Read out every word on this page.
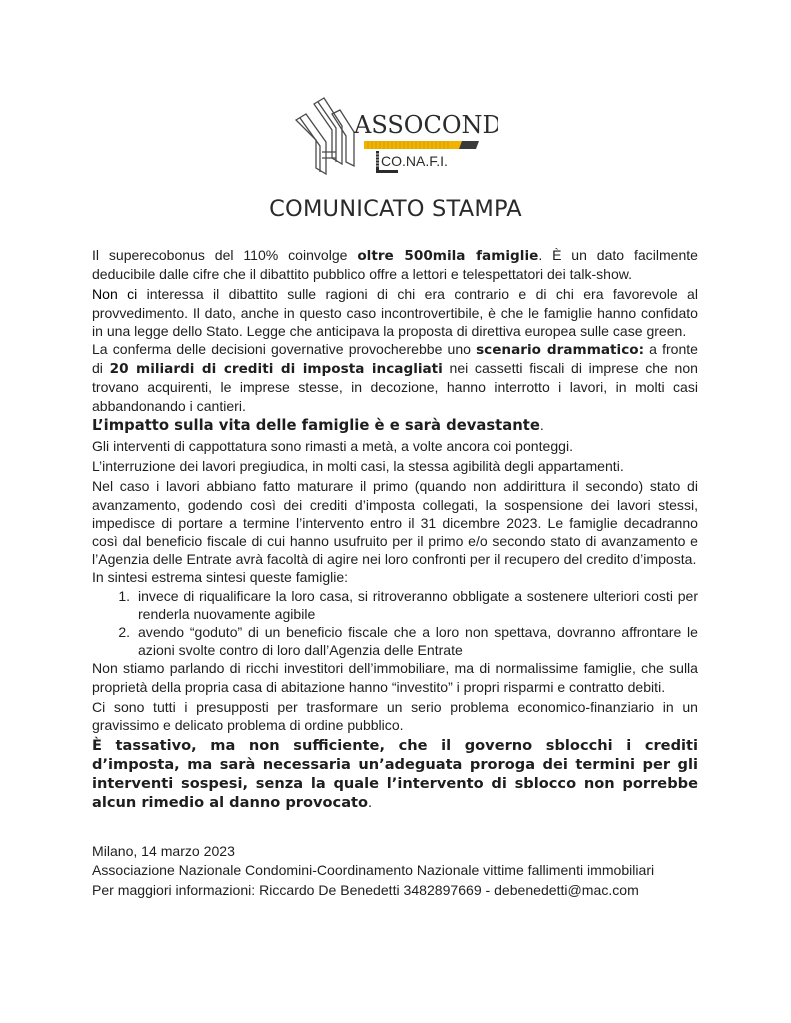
ASSOCOND
CO.NA.F.I.
COMUNICATO STAMPA

Il superecobonus del 110% coinvolge oltre 500mila famiglie. È un dato facilmente deducibile dalle cifre che il dibattito pubblico offre a lettori e telespettatori dei talk-show.

Non ci interessa il dibattito sulle ragioni di chi era contrario e di chi era favorevole al provvedimento. Il dato, anche in questo caso incontrovertibile, è che le famiglie hanno confidato in una legge dello Stato. Legge che anticipava la proposta di direttiva europea sulle case green.

La conferma delle decisioni governative provocherebbe uno scenario drammatico: a fronte di 20 miliardi di crediti di imposta incagliati nei cassetti fiscali di imprese che non trovano acquirenti, le imprese stesse, in decozione, hanno interrotto i lavori, in molti casi abbandonando i cantieri.

L’impatto sulla vita delle famiglie è e sarà devastante.

Gli interventi di cappottatura sono rimasti a metà, a volte ancora coi ponteggi.

L’interruzione dei lavori pregiudica, in molti casi, la stessa agibilità degli appartamenti.

Nel caso i lavori abbiano fatto maturare il primo (quando non addirittura il secondo) stato di avanzamento, godendo così dei crediti d’imposta collegati, la sospensione dei lavori stessi, impedisce di portare a termine l’intervento entro il 31 dicembre 2023. Le famiglie decadranno così dal beneficio fiscale di cui hanno usufruito per il primo e/o secondo stato di avanzamento e l’Agenzia delle Entrate avrà facoltà di agire nei loro confronti per il recupero del credito d’imposta.

In sintesi estrema sintesi queste famiglie:

1. invece di riqualificare la loro casa, si ritroveranno obbligate a sostenere ulteriori costi per renderla nuovamente agibile
2. avendo “goduto” di un beneficio fiscale che a loro non spettava, dovranno affrontare le azioni svolte contro di loro dall’Agenzia delle Entrate

Non stiamo parlando di ricchi investitori dell’immobiliare, ma di normalissime famiglie, che sulla proprietà della propria casa di abitazione hanno “investito” i propri risparmi e contratto debiti.

Ci sono tutti i presupposti per trasformare un serio problema economico-finanziario in un gravissimo e delicato problema di ordine pubblico.

È tassativo, ma non sufficiente, che il governo sblocchi i crediti d’imposta, ma sarà necessaria un’adeguata proroga dei termini per gli interventi sospesi, senza la quale l’intervento di sblocco non porrebbe alcun rimedio al danno provocato.

Milano, 14 marzo 2023
Associazione Nazionale Condomini-Coordinamento Nazionale vittime fallimenti immobiliari
Per maggiori informazioni: Riccardo De Benedetti 3482897669 - debenedetti@mac.com
